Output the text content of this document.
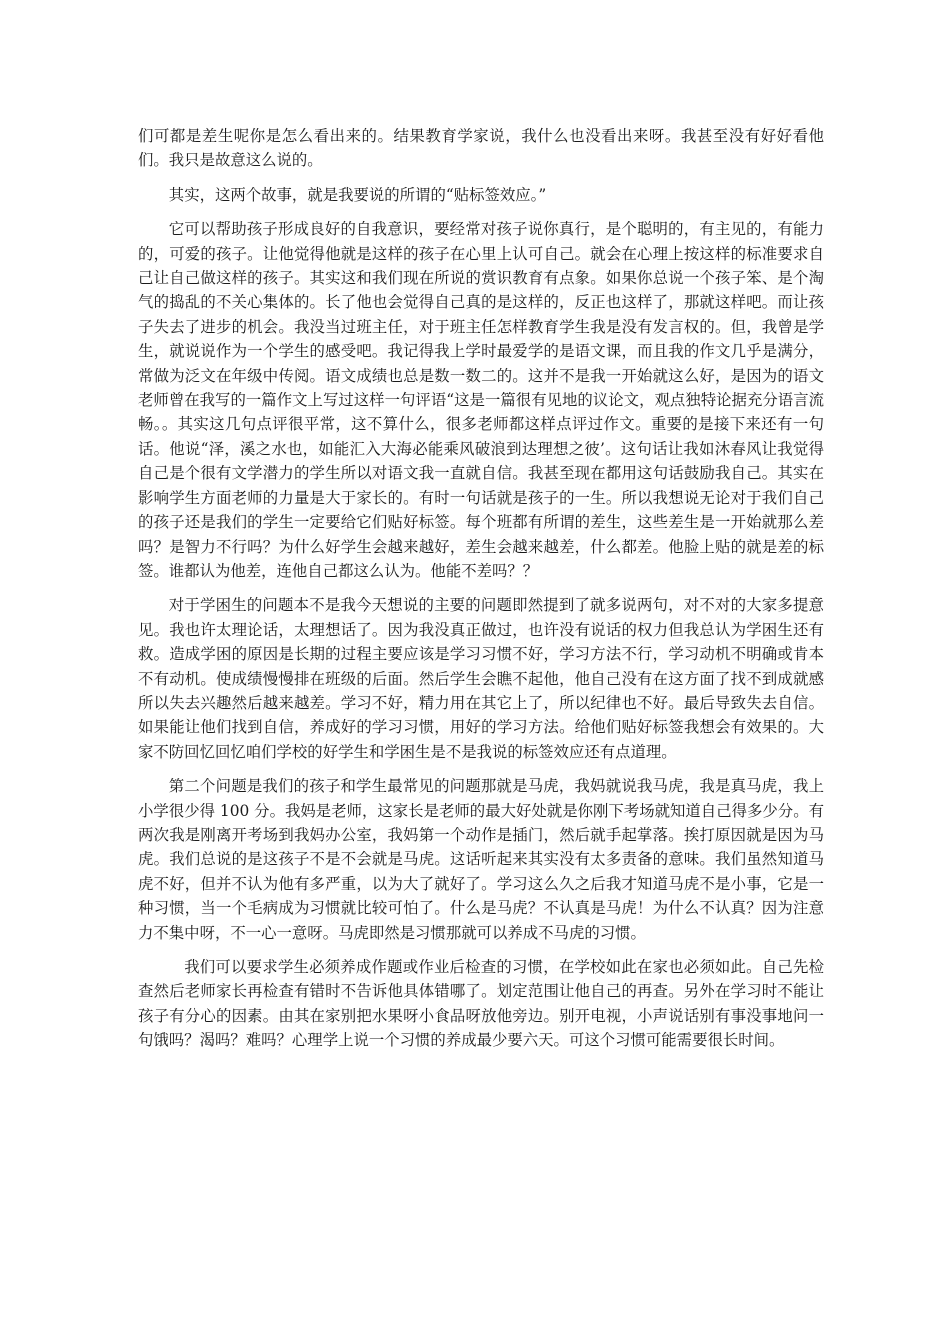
们可都是差生呢你是怎么看出来的。结果教育学家说，我什么也没看出来呀。我甚至没有好好看他们。我只是故意这么说的。

其实，这两个故事，就是我要说的所谓的“贴标签效应。”

它可以帮助孩子形成良好的自我意识，要经常对孩子说你真行，是个聪明的，有主见的，有能力的，可爱的孩子。让他觉得他就是这样的孩子在心里上认可自己。就会在心理上按这样的标准要求自己让自己做这样的孩子。其实这和我们现在所说的赏识教育有点象。如果你总说一个孩子笨、是个淘气的捣乱的不关心集体的。长了他也会觉得自己真的是这样的，反正也这样了，那就这样吧。而让孩子失去了进步的机会。我没当过班主任，对于班主任怎样教育学生我是没有发言权的。但，我曾是学生，就说说作为一个学生的感受吧。我记得我上学时最爱学的是语文课，而且我的作文几乎是满分，常做为泛文在年级中传阅。语文成绩也总是数一数二的。这并不是我一开始就这么好，是因为的语文老师曾在我写的一篇作文上写过这样一句评语“这是一篇很有见地的议论文，观点独特论据充分语言流畅。。其实这几句点评很平常，这不算什么，很多老师都这样点评过作文。重要的是接下来还有一句话。他说“泽，溪之水也，如能汇入大海必能乘风破浪到达理想之彼’。这句话让我如沐春风让我觉得自己是个很有文学潜力的学生所以对语文我一直就自信。我甚至现在都用这句话鼓励我自己。其实在影响学生方面老师的力量是大于家长的。有时一句话就是孩子的一生。所以我想说无论对于我们自己的孩子还是我们的学生一定要给它们贴好标签。每个班都有所谓的差生，这些差生是一开始就那么差吗？是智力不行吗？为什么好学生会越来越好，差生会越来越差，什么都差。他脸上贴的就是差的标签。谁都认为他差，连他自己都这么认为。他能不差吗？？

对于学困生的问题本不是我今天想说的主要的问题即然提到了就多说两句，对不对的大家多提意见。我也许太理论话，太理想话了。因为我没真正做过，也许没有说话的权力但我总认为学困生还有救。造成学困的原因是长期的过程主要应该是学习习惯不好，学习方法不行，学习动机不明确或肯本不有动机。使成绩慢慢排在班级的后面。然后学生会瞧不起他，他自己没有在这方面了找不到成就感所以失去兴趣然后越来越差。学习不好，精力用在其它上了，所以纪律也不好。最后导致失去自信。如果能让他们找到自信，养成好的学习习惯，用好的学习方法。给他们贴好标签我想会有效果的。大家不防回忆回忆咱们学校的好学生和学困生是不是我说的标签效应还有点道理。

第二个问题是我们的孩子和学生最常见的问题那就是马虎，我妈就说我马虎，我是真马虎，我上小学很少得 100 分。我妈是老师，这家长是老师的最大好处就是你刚下考场就知道自己得多少分。有两次我是刚离开考场到我妈办公室，我妈第一个动作是插门，然后就手起掌落。挨打原因就是因为马虎。我们总说的是这孩子不是不会就是马虎。这话听起来其实没有太多责备的意味。我们虽然知道马虎不好，但并不认为他有多严重，以为大了就好了。学习这么久之后我才知道马虎不是小事，它是一种习惯，当一个毛病成为习惯就比较可怕了。什么是马虎？不认真是马虎！为什么不认真？因为注意力不集中呀，不一心一意呀。马虎即然是习惯那就可以养成不马虎的习惯。

我们可以要求学生必须养成作题或作业后检查的习惯，在学校如此在家也必须如此。自己先检查然后老师家长再检查有错时不告诉他具体错哪了。划定范围让他自己的再查。另外在学习时不能让孩子有分心的因素。由其在家别把水果呀小食品呀放他旁边。别开电视，小声说话别有事没事地问一句饿吗？渴吗？难吗？心理学上说一个习惯的养成最少要六天。可这个习惯可能需要很长时间。
